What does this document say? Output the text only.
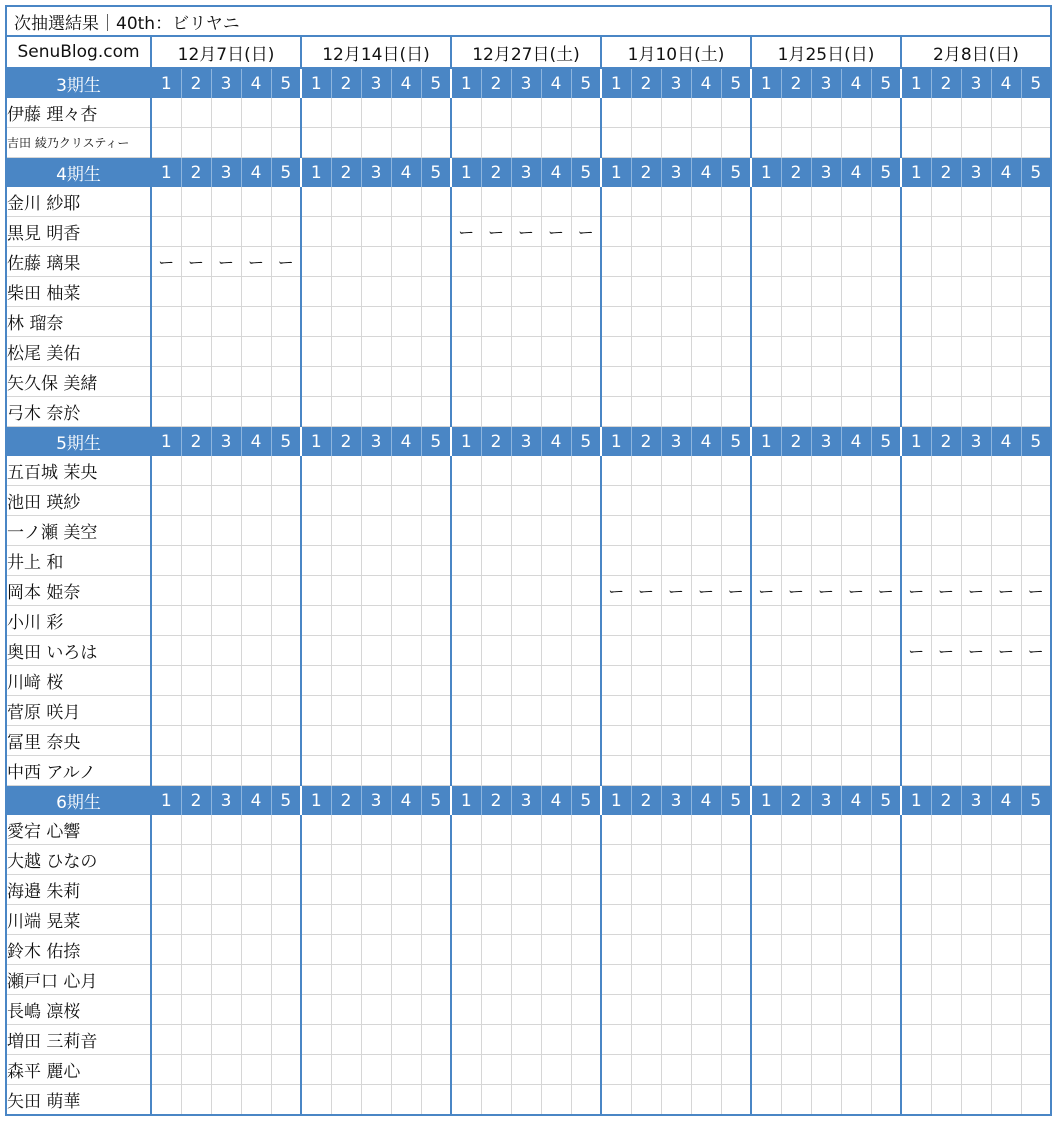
次抽選結果｜40th：ビリヤニ																														
SenuBlog.com	12月7日(日)					12月14日(日)					12月27日(土)					1月10日(土)					1月25日(日)					2月8日(日)				
3期生	1	2	3	4	5	1	2	3	4	5	1	2	3	4	5	1	2	3	4	5	1	2	3	4	5	1	2	3	4	5
伊藤 理々杏																														
吉田 綾乃クリスティー																														
4期生	1	2	3	4	5	1	2	3	4	5	1	2	3	4	5	1	2	3	4	5	1	2	3	4	5	1	2	3	4	5
金川 紗耶																														
黒見 明香											ー	ー	ー	ー	ー															
佐藤 璃果	ー	ー	ー	ー	ー																									
柴田 柚菜																														
林 瑠奈																														
松尾 美佑																														
矢久保 美緒																														
弓木 奈於																														
5期生	1	2	3	4	5	1	2	3	4	5	1	2	3	4	5	1	2	3	4	5	1	2	3	4	5	1	2	3	4	5
五百城 茉央																														
池田 瑛紗																														
一ノ瀬 美空																														
井上 和																														
岡本 姫奈																ー	ー	ー	ー	ー	ー	ー	ー	ー	ー	ー	ー	ー	ー	ー
小川 彩																														
奥田 いろは																										ー	ー	ー	ー	ー
川﨑 桜																														
菅原 咲月																														
冨里 奈央																														
中西 アルノ																														
6期生	1	2	3	4	5	1	2	3	4	5	1	2	3	4	5	1	2	3	4	5	1	2	3	4	5	1	2	3	4	5
愛宕 心響																														
大越 ひなの																														
海邉 朱莉																														
川端 晃菜																														
鈴木 佑捺																														
瀬戸口 心月																														
長嶋 凛桜																														
増田 三莉音																														
森平 麗心																														
矢田 萌華																														
